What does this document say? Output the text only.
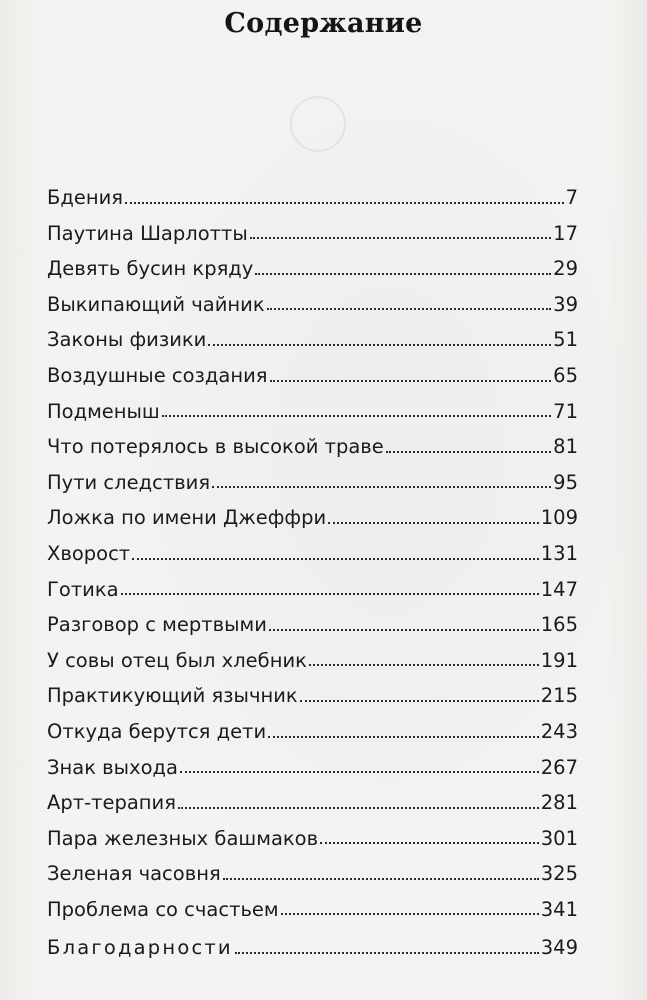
Содержание
Бдения	7
Паутина Шарлотты	17
Девять бусин кряду	29
Выкипающий чайник	39
Законы физики	51
Воздушные создания	65
Подменыш	71
Что потерялось в высокой траве	81
Пути следствия	95
Ложка по имени Джеффри	109
Хворост	131
Готика	147
Разговор с мертвыми	165
У совы отец был хлебник	191
Практикующий язычник	215
Откуда берутся дети	243
Знак выхода	267
Арт-терапия	281
Пара железных башмаков	301
Зеленая часовня	325
Проблема со счастьем	341
Благодарности	349
